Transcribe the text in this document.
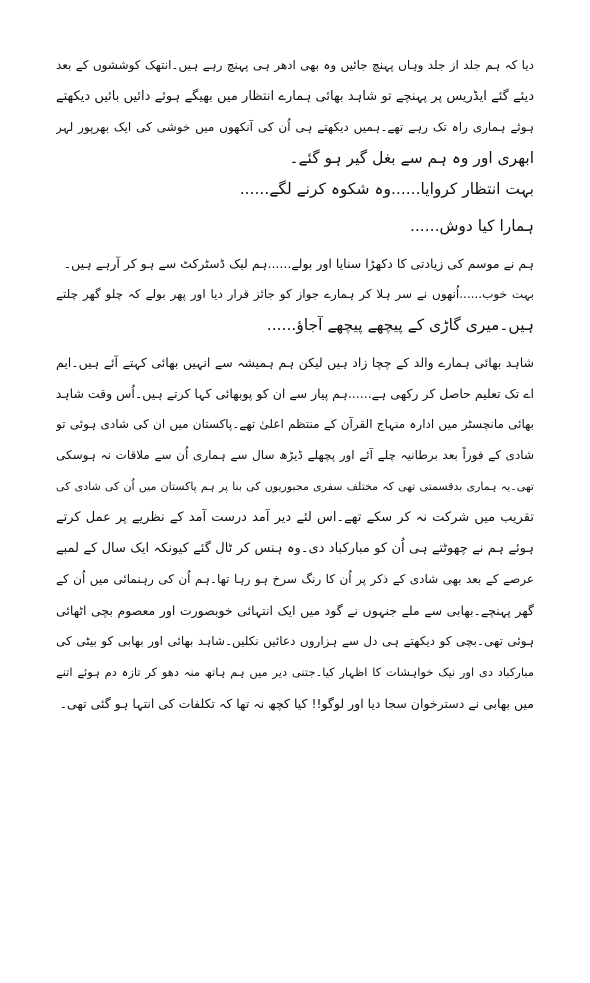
دیا کہ ہم جلد از جلد وہاں پہنچ جائیں وہ بھی ادھر ہی پہنچ رہے ہیں۔انتھک کوششوں کے بعد
دیئے گئے ایڈریس پر پہنچے تو شاہد بھائی ہمارے انتظار میں بھیگے ہوئے دائیں بائیں دیکھتے
ہوئے ہماری راہ تک رہے تھے۔ہمیں دیکھتے ہی اُن کی آنکھوں میں خوشی کی ایک بھرپور لہر
ابھری اور وہ ہم سے بغل گیر ہو گئے۔
بہت انتظار کروایا......وہ شکوہ کرنے لگے......
ہمارا کیا دوش......
ہم نے موسم کی زیادتی کا دکھڑا سنایا اور بولے......ہم لیک ڈسٹرکٹ سے ہو کر آرہے ہیں۔
بہت خوب......اُنھوں نے سر ہلا کر ہمارے جواز کو جائز قرار دیا اور پھر بولے کہ چلو گھر چلتے
ہیں۔میری گاڑی کے پیچھے پیچھے آجاؤ......
شاہد بھائی ہمارے والد کے چچا زاد ہیں لیکن ہم ہمیشہ سے انہیں بھائی کہتے آئے ہیں۔ایم
اے تک تعلیم حاصل کر رکھی ہے......ہم پیار سے ان کو پوبھائی کہا کرتے ہیں۔اُس وقت شاہد
بھائی مانچسٹر میں ادارہ منہاج القرآن کے منتظم اعلیٰ تھے۔پاکستان میں ان کی شادی ہوئی تو
شادی کے فوراً بعد برطانیہ چلے آئے اور پچھلے ڈیڑھ سال سے ہماری اُن سے ملاقات نہ ہوسکی
تھی۔یہ ہماری بدقسمتی تھی کہ مختلف سفری مجبوریوں کی بنا پر ہم پاکستان میں اُن کی شادی کی
تقریب میں شرکت نہ کر سکے تھے۔اس لئے دیر آمد درست آمد کے نظریے پر عمل کرتے
ہوئے ہم نے چھوٹتے ہی اُن کو مبارکباد دی۔وہ ہنس کر ٹال گئے کیونکہ ایک سال کے لمبے
عرصے کے بعد بھی شادی کے ذکر پر اُن کا رنگ سرخ ہو رہا تھا۔ہم اُن کی رہنمائی میں اُن کے
گھر پہنچے۔بھابی سے ملے جنہوں نے گود میں ایک انتہائی خوبصورت اور معصوم بچی اٹھائی
ہوئی تھی۔بچی کو دیکھتے ہی دل سے ہزاروں دعائیں نکلیں۔شاہد بھائی اور بھابی کو بیٹی کی
مبارکباد دی اور نیک خواہشات کا اظہار کیا۔جتنی دیر میں ہم ہاتھ منہ دھو کر تازہ دم ہوئے اتنے
میں بھابی نے دسترخوان سجا دیا اور لوگو!! کیا کچھ نہ تھا کہ تکلفات کی انتہا ہو گئی تھی۔
